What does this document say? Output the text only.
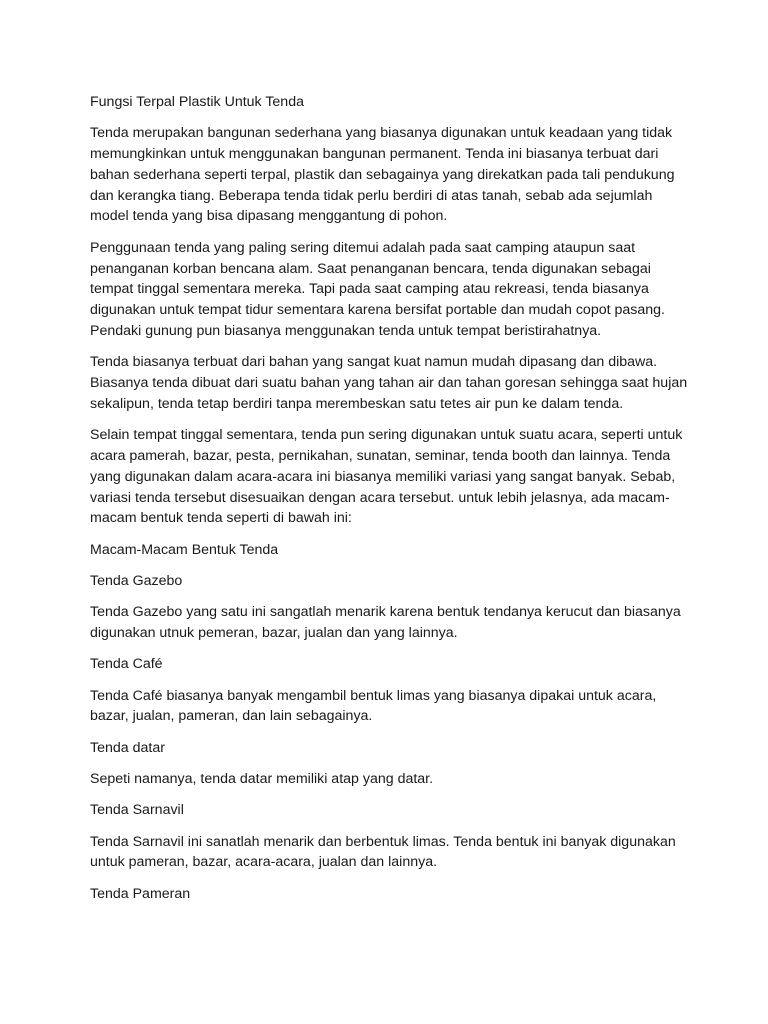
Fungsi Terpal Plastik Untuk Tenda

Tenda merupakan bangunan sederhana yang biasanya digunakan untuk keadaan yang tidak memungkinkan untuk menggunakan bangunan permanent. Tenda ini biasanya terbuat dari bahan sederhana seperti terpal, plastik dan sebagainya yang direkatkan pada tali pendukung dan kerangka tiang. Beberapa tenda tidak perlu berdiri di atas tanah, sebab ada sejumlah model tenda yang bisa dipasang menggantung di pohon.

Penggunaan tenda yang paling sering ditemui adalah pada saat camping ataupun saat penanganan korban bencana alam. Saat penanganan bencara, tenda digunakan sebagai tempat tinggal sementara mereka. Tapi pada saat camping atau rekreasi, tenda biasanya digunakan untuk tempat tidur sementara karena bersifat portable dan mudah copot pasang. Pendaki gunung pun biasanya menggunakan tenda untuk tempat beristirahatnya.

Tenda biasanya terbuat dari bahan yang sangat kuat namun mudah dipasang dan dibawa. Biasanya tenda dibuat dari suatu bahan yang tahan air dan tahan goresan sehingga saat hujan sekalipun, tenda tetap berdiri tanpa merembeskan satu tetes air pun ke dalam tenda.

Selain tempat tinggal sementara, tenda pun sering digunakan untuk suatu acara, seperti untuk acara pamerah, bazar, pesta, pernikahan, sunatan, seminar, tenda booth dan lainnya. Tenda yang digunakan dalam acara-acara ini biasanya memiliki variasi yang sangat banyak. Sebab, variasi tenda tersebut disesuaikan dengan acara tersebut. untuk lebih jelasnya, ada macam-macam bentuk tenda seperti di bawah ini:

Macam-Macam Bentuk Tenda

Tenda Gazebo

Tenda Gazebo yang satu ini sangatlah menarik karena bentuk tendanya kerucut dan biasanya digunakan utnuk pemeran, bazar, jualan dan yang lainnya.

Tenda Café

Tenda Café biasanya banyak mengambil bentuk limas yang biasanya dipakai untuk acara, bazar, jualan, pameran, dan lain sebagainya.

Tenda datar

Sepeti namanya, tenda datar memiliki atap yang datar.

Tenda Sarnavil

Tenda Sarnavil ini sanatlah menarik dan berbentuk limas. Tenda bentuk ini banyak digunakan untuk pameran, bazar, acara-acara, jualan dan lainnya.

Tenda Pameran
